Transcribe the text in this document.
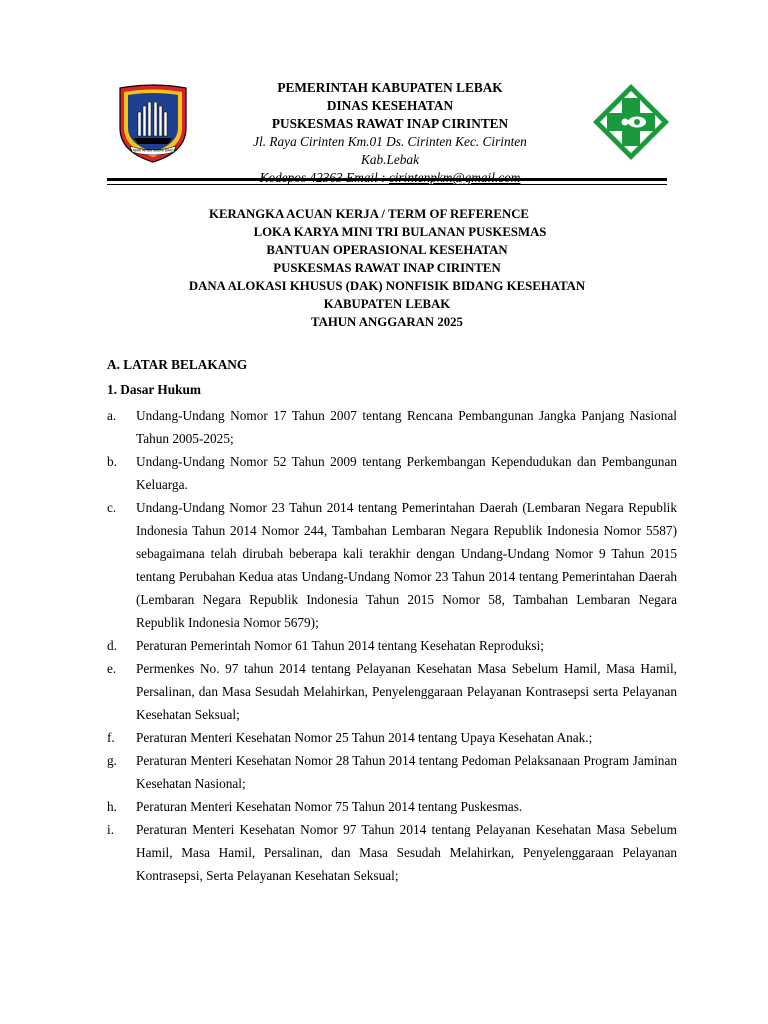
SABAR ARIBA SABAR BAREA
PEMERINTAH KABUPATEN LEBAK
DINAS KESEHATAN
PUSKESMAS RAWAT INAP CIRINTEN
Jl. Raya Cirinten Km.01 Ds. Cirinten Kec. Cirinten
Kab.Lebak
KERANGKA ACUAN KERJA / TERM OF REFERENCE
LOKA KARYA MINI TRI BULANAN PUSKESMAS
BANTUAN OPERASIONAL KESEHATAN
PUSKESMAS RAWAT INAP CIRINTEN
DANA ALOKASI KHUSUS (DAK) NONFISIK BIDANG KESEHATAN
KABUPATEN LEBAK
TAHUN ANGGARAN 2025
A. LATAR BELAKANG
1. Dasar Hukum
a.	Undang-Undang Nomor 17 Tahun 2007 tentang Rencana Pembangunan Jangka Panjang Nasional Tahun 2005-2025;
b.	Undang-Undang Nomor 52 Tahun 2009 tentang Perkembangan Kependudukan dan Pembangunan Keluarga.
c.	Undang-Undang Nomor 23 Tahun 2014 tentang Pemerintahan Daerah (Lembaran Negara Republik Indonesia Tahun 2014 Nomor 244, Tambahan Lembaran Negara Republik Indonesia Nomor 5587) sebagaimana telah dirubah beberapa kali terakhir dengan Undang-Undang Nomor 9 Tahun 2015 tentang Perubahan Kedua atas Undang-Undang Nomor 23 Tahun 2014 tentang Pemerintahan Daerah (Lembaran Negara Republik Indonesia Tahun 2015 Nomor 58, Tambahan Lembaran Negara Republik Indonesia Nomor 5679);
d.	Peraturan Pemerintah Nomor 61 Tahun 2014 tentang Kesehatan Reproduksi;
e.	Permenkes No. 97 tahun 2014 tentang Pelayanan Kesehatan Masa Sebelum Hamil, Masa Hamil, Persalinan, dan Masa Sesudah Melahirkan, Penyelenggaraan Pelayanan Kontrasepsi serta Pelayanan Kesehatan Seksual;
f.	Peraturan Menteri Kesehatan Nomor 25 Tahun 2014 tentang Upaya Kesehatan Anak.;
g.	Peraturan Menteri Kesehatan Nomor 28 Tahun 2014 tentang Pedoman Pelaksanaan Program Jaminan Kesehatan Nasional;
h.	Peraturan Menteri Kesehatan Nomor 75 Tahun 2014 tentang Puskesmas.
i.	Peraturan Menteri Kesehatan Nomor 97 Tahun 2014 tentang Pelayanan Kesehatan Masa Sebelum Hamil, Masa Hamil, Persalinan, dan Masa Sesudah Melahirkan, Penyelenggaraan Pelayanan Kontrasepsi, Serta Pelayanan Kesehatan Seksual;
